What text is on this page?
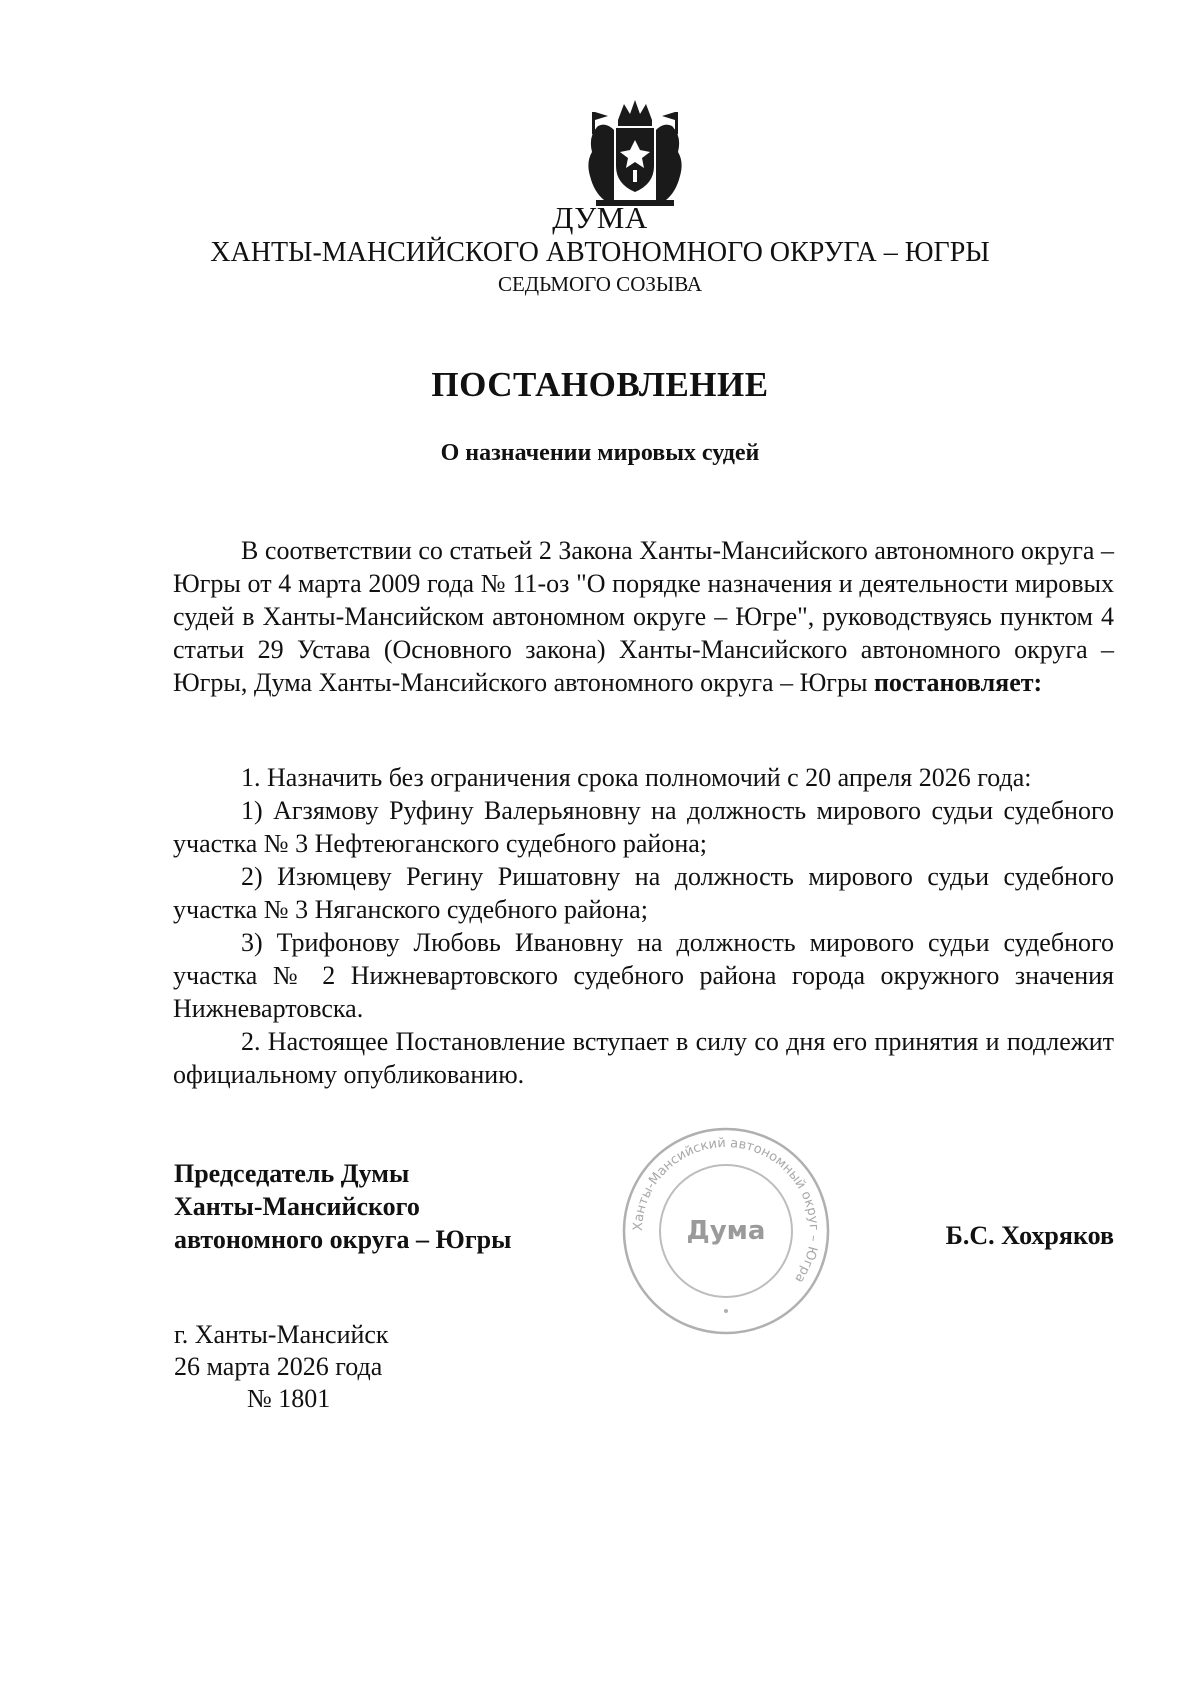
ДУМА
ХАНТЫ-МАНСИЙСКОГО АВТОНОМНОГО ОКРУГА – ЮГРЫ
СЕДЬМОГО СОЗЫВА
ПОСТАНОВЛЕНИЕ
О назначении мировых судей

В соответствии со статьей 2 Закона Ханты-Мансийского автономного округа – Югры от 4 марта 2009 года № 11-оз "О порядке назначения и деятельности мировых судей в Ханты-Мансийском автономном округе – Югре", руководствуясь пунктом 4 статьи 29 Устава (Основного закона) Ханты-Мансийского автономного округа – Югры, Дума Ханты-Мансийского автономного округа – Югры постановляет:

1. Назначить без ограничения срока полномочий с 20 апреля 2026 года:

1) Агзямову Руфину Валерьяновну на должность мирового судьи судебного участка № 3 Нефтеюганского судебного района;

2) Изюмцеву Регину Ришатовну на должность мирового судьи судебного участка № 3 Няганского судебного района;

3) Трифонову Любовь Ивановну на должность мирового судьи судебного участка № 2 Нижневартовского судебного района города окружного значения Нижневартовска.

2. Настоящее Постановление вступает в силу со дня его принятия и подлежит официальному опубликованию.

Председатель Думы
Ханты-Мансийского
автономного округа – Югры	Ханты-Мансийский автономный округ – Югра
Дума	Б.С. Хохряков
г. Ханты-Мансийск
26 марта 2026 года
№ 1801
